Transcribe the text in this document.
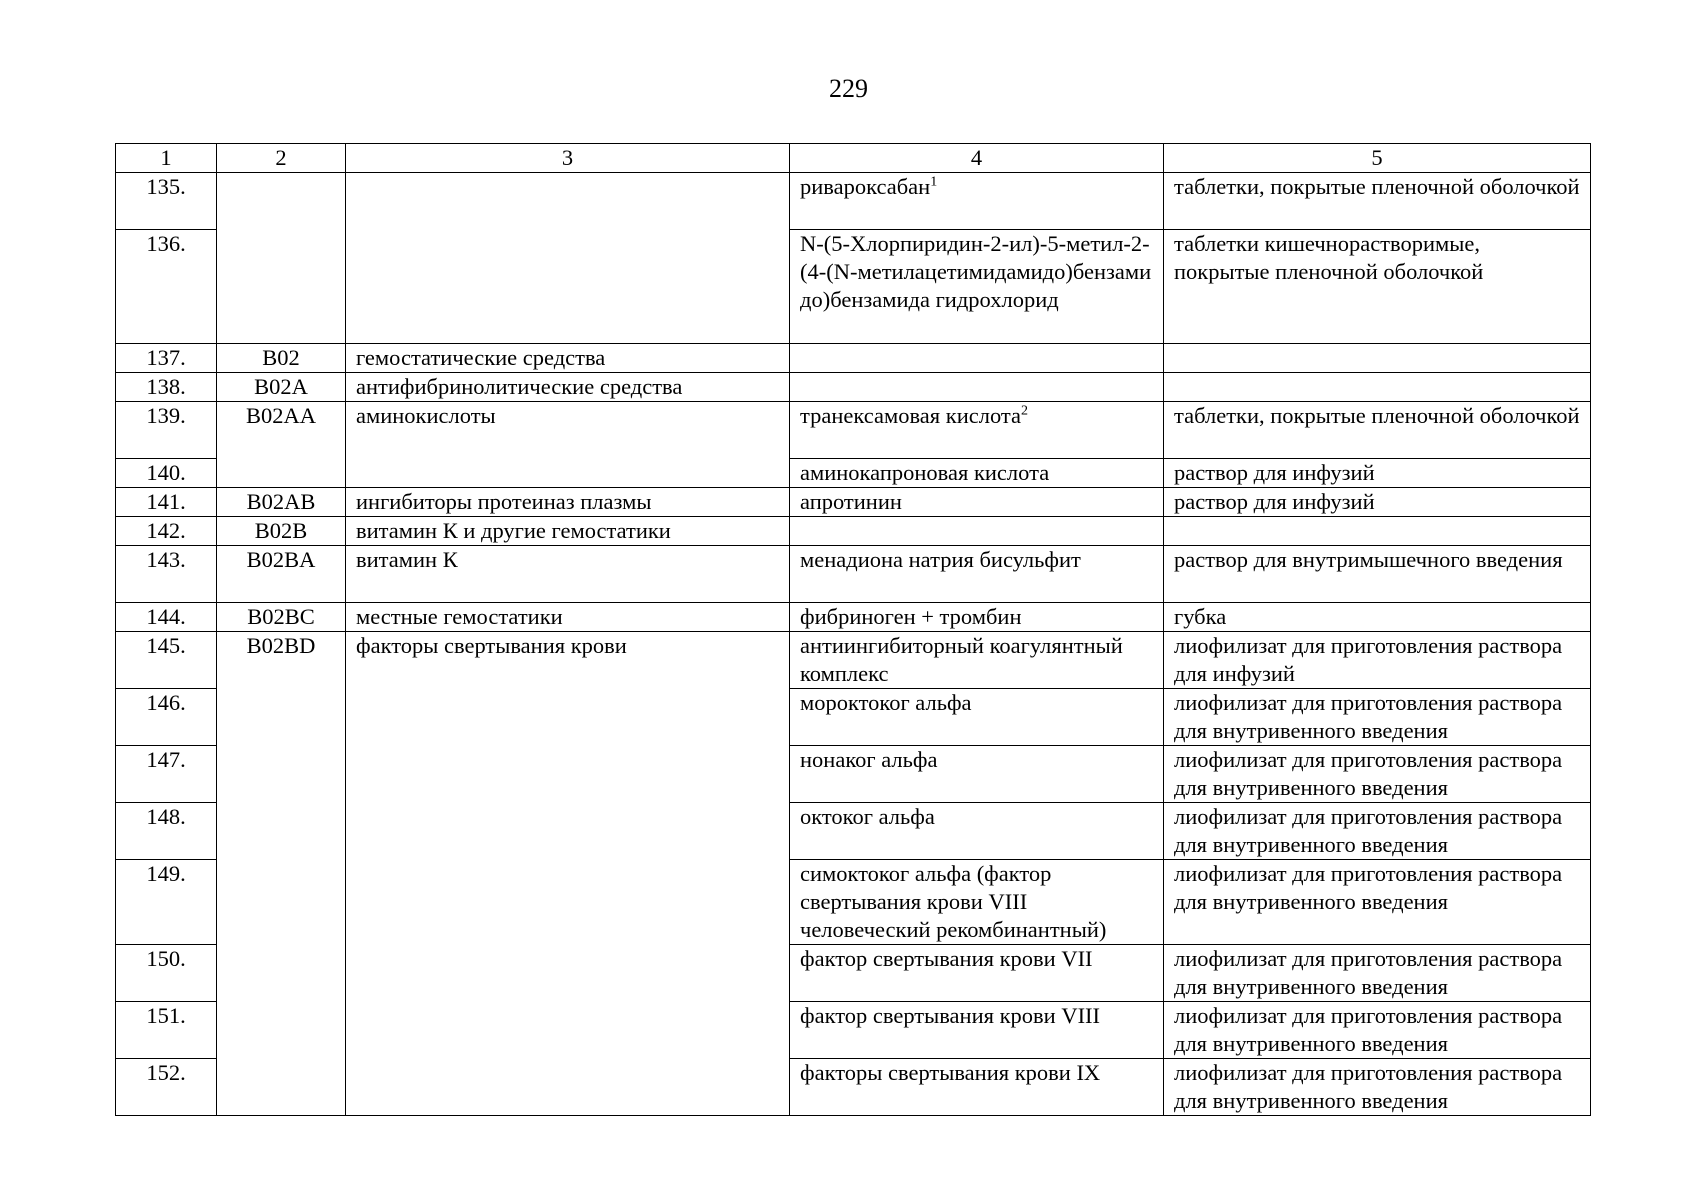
229
1	2	3	4	5
135.			ривароксабан$^1$	таблетки, покрытые пленочной оболочкой
136.			N-(5-Хлорпиридин-2-ил)-5-метил-2-(4-(N-метилацетимидамидо)бензамидо)бензамида гидрохлорид	таблетки кишечнорастворимые, покрытые пленочной оболочкой
137.	B02	гемостатические средства		
138.	B02A	антифибринолитические средства		
139.	B02AA	аминокислоты	транексамовая кислота$^2$	таблетки, покрытые пленочной оболочкой
140.			аминокапроновая кислота	раствор для инфузий
141.	B02AB	ингибиторы протеиназ плазмы	апротинин	раствор для инфузий
142.	B02B	витамин К и другие гемостатики		
143.	B02BA	витамин К	менадиона натрия бисульфит	раствор для внутримышечного введения
144.	B02BC	местные гемостатики	фибриноген + тромбин	губка
145.	B02BD	факторы свертывания крови	антиингибиторный коагулянтный комплекс	лиофилизат для приготовления раствора для инфузий
146.			мороктоког альфа	лиофилизат для приготовления раствора для внутривенного введения
147.			нонаког альфа	лиофилизат для приготовления раствора для внутривенного введения
148.			октоког альфа	лиофилизат для приготовления раствора для внутривенного введения
149.			симоктоког альфа (фактор свертывания крови VIII человеческий рекомбинантный)	лиофилизат для приготовления раствора для внутривенного введения
150.			фактор свертывания крови VII	лиофилизат для приготовления раствора для внутривенного введения
151.			фактор свертывания крови VIII	лиофилизат для приготовления раствора для внутривенного введения
152.			факторы свертывания крови IX	лиофилизат для приготовления раствора для внутривенного введения
